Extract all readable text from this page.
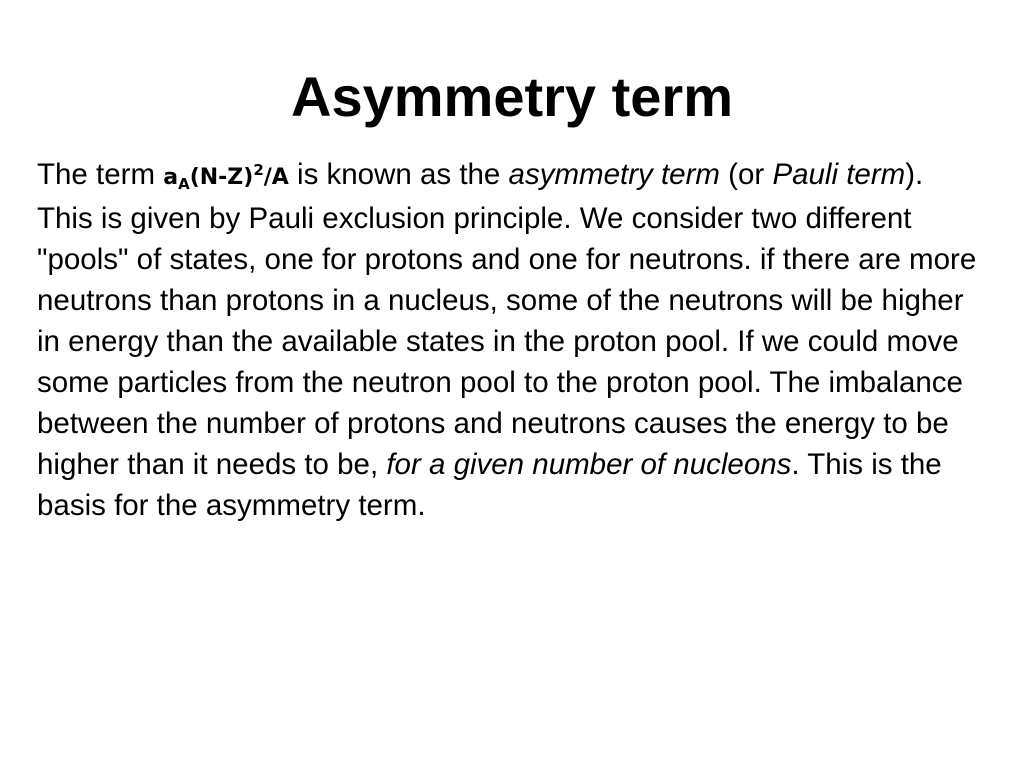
Asymmetry term

The term $a_A(N-Z)^2/A$ is known as the asymmetry term (or Pauli term).

This is given by Pauli exclusion principle. We consider two different "pools" of states, one for protons and one for neutrons. if there are more neutrons than protons in a nucleus, some of the neutrons will be higher in energy than the available states in the proton pool. If we could move some particles from the neutron pool to the proton pool. The imbalance between the number of protons and neutrons causes the energy to be higher than it needs to be, for a given number of nucleons. This is the basis for the asymmetry term.
